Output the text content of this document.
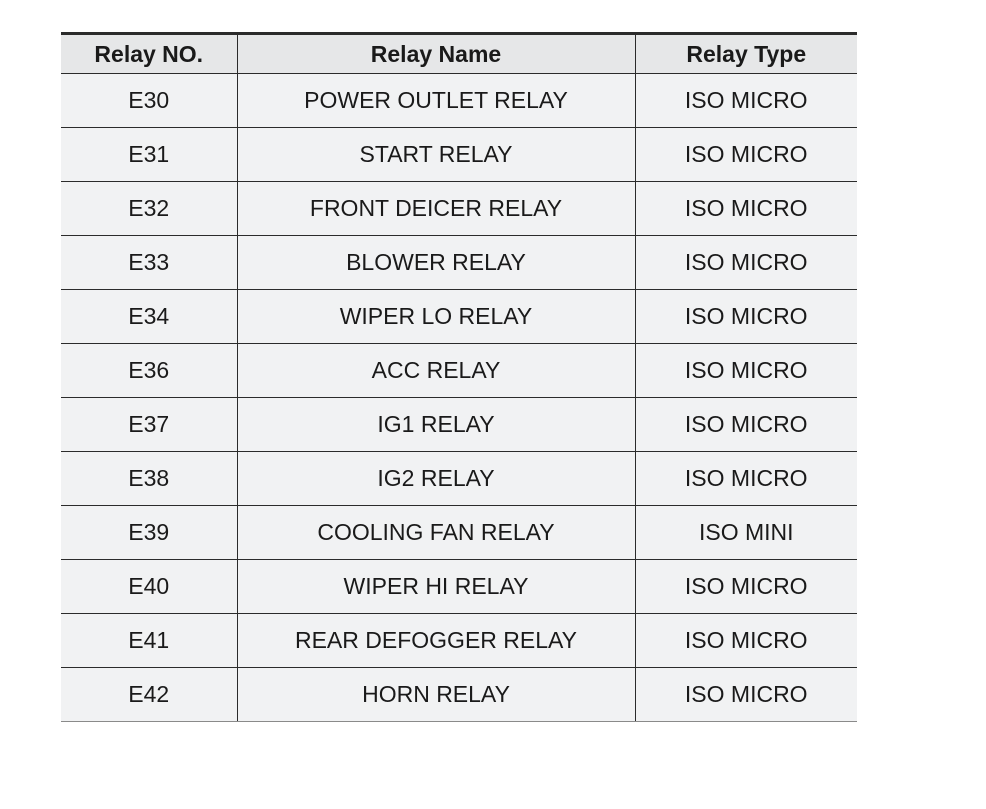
Relay NO.	Relay Name	Relay Type
E30	POWER OUTLET RELAY	ISO MICRO
E31	START RELAY	ISO MICRO
E32	FRONT DEICER RELAY	ISO MICRO
E33	BLOWER RELAY	ISO MICRO
E34	WIPER LO RELAY	ISO MICRO
E36	ACC RELAY	ISO MICRO
E37	IG1 RELAY	ISO MICRO
E38	IG2 RELAY	ISO MICRO
E39	COOLING FAN RELAY	ISO MINI
E40	WIPER HI RELAY	ISO MICRO
E41	REAR DEFOGGER RELAY	ISO MICRO
E42	HORN RELAY	ISO MICRO
